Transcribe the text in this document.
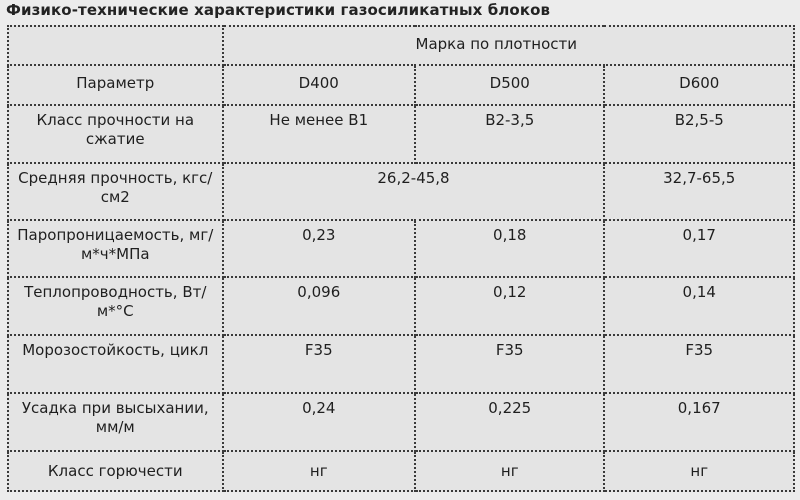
Физико-технические характеристики газосиликатных блоков
	Марка по плотности		
Параметр	D400	D500	D600
Класс прочности на сжатие	Не менее В1	В2-3,5	В2,5-5
Средняя прочность, кгс/см2	26,2-45,8		32,7-65,5
Паропроницаемость, мг/м*ч*МПа	0,23	0,18	0,17
Теплопроводность, Вт/м*°С	0,096	0,12	0,14
Морозостойкость, цикл	F35	F35	F35
Усадка при высыхании, мм/м	0,24	0,225	0,167
Класс горючести	нг	нг	нг
